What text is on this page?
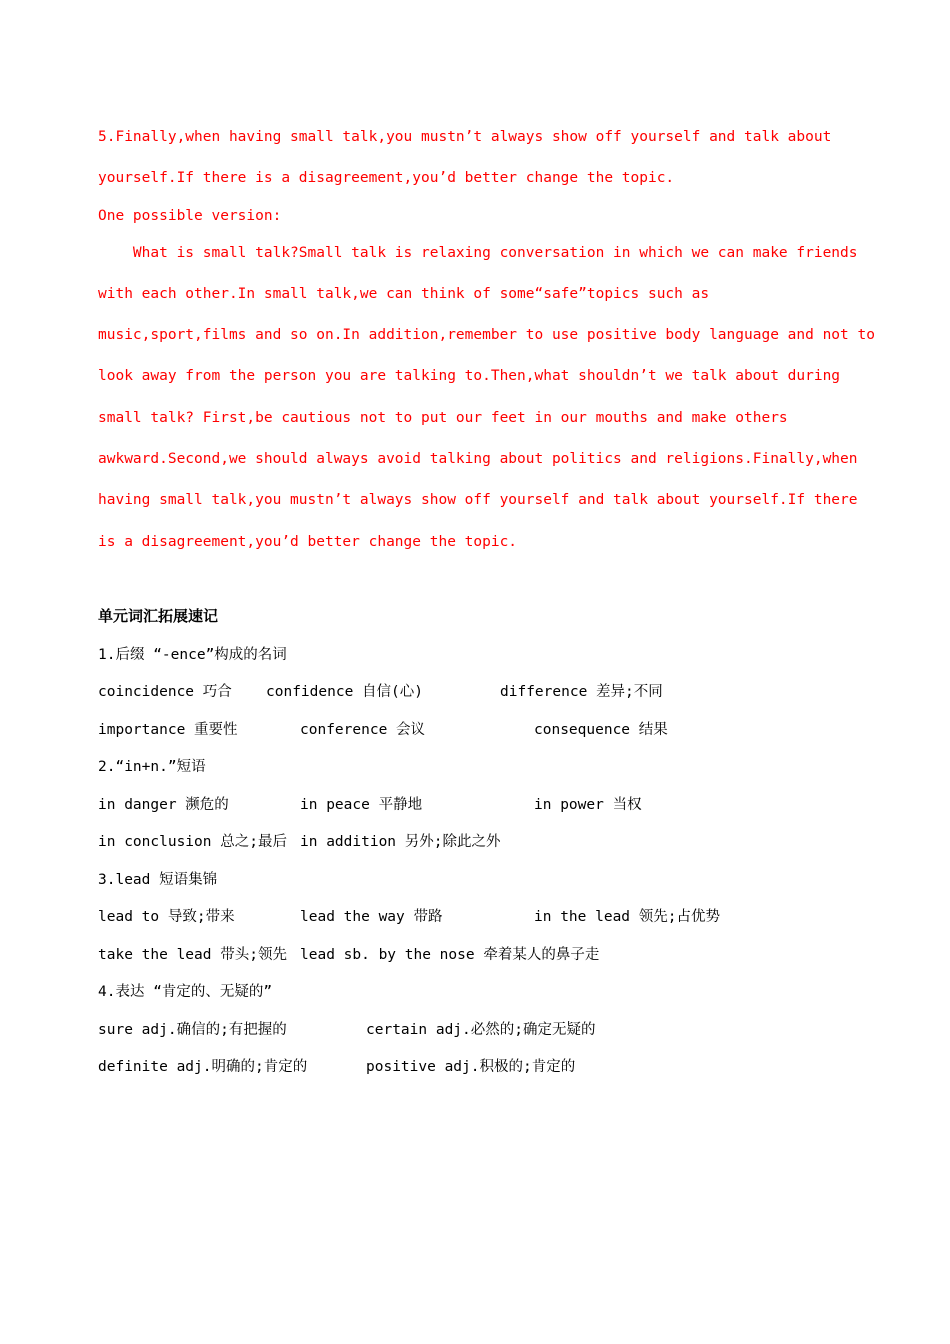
5.Finally,when having small talk,you mustn’t always show off yourself and talk about
yourself.If there is a disagreement,you’d better change the topic.
One possible version:
What is small talk?Small talk is relaxing conversation in which we can make friends
with each other.In small talk,we can think of some“safe”topics such as
music,sport,films and so on.In addition,remember to use positive body language and not to
look away from the person you are talking to.Then,what shouldn’t we talk about during
small talk? First,be cautious not to put our feet in our mouths and make others
awkward.Second,we should always avoid talking about politics and religions.Finally,when
having small talk,you mustn’t always show off yourself and talk about yourself.If there
is a disagreement,you’d better change the topic.
单元词汇拓展速记
1.后缀 “-ence”构成的名词
coincidence 巧合 confidence 自信(心)	difference 差异;不同
importance 重要性	conference 会议	consequence 结果
2.“in+n.”短语
in danger 濒危的	in peace 平静地	in power 当权
in conclusion 总之;最后 in addition 另外;除此之外
3.lead 短语集锦
lead to 导致;带来	lead the way 带路	in the lead 领先;占优势
take the lead 带头;领先 lead sb. by the nose 牵着某人的鼻子走
4.表达 “肯定的、无疑的”
sure adj.确信的;有把握的	certain adj.必然的;确定无疑的
definite adj.明确的;肯定的	positive adj.积极的;肯定的
